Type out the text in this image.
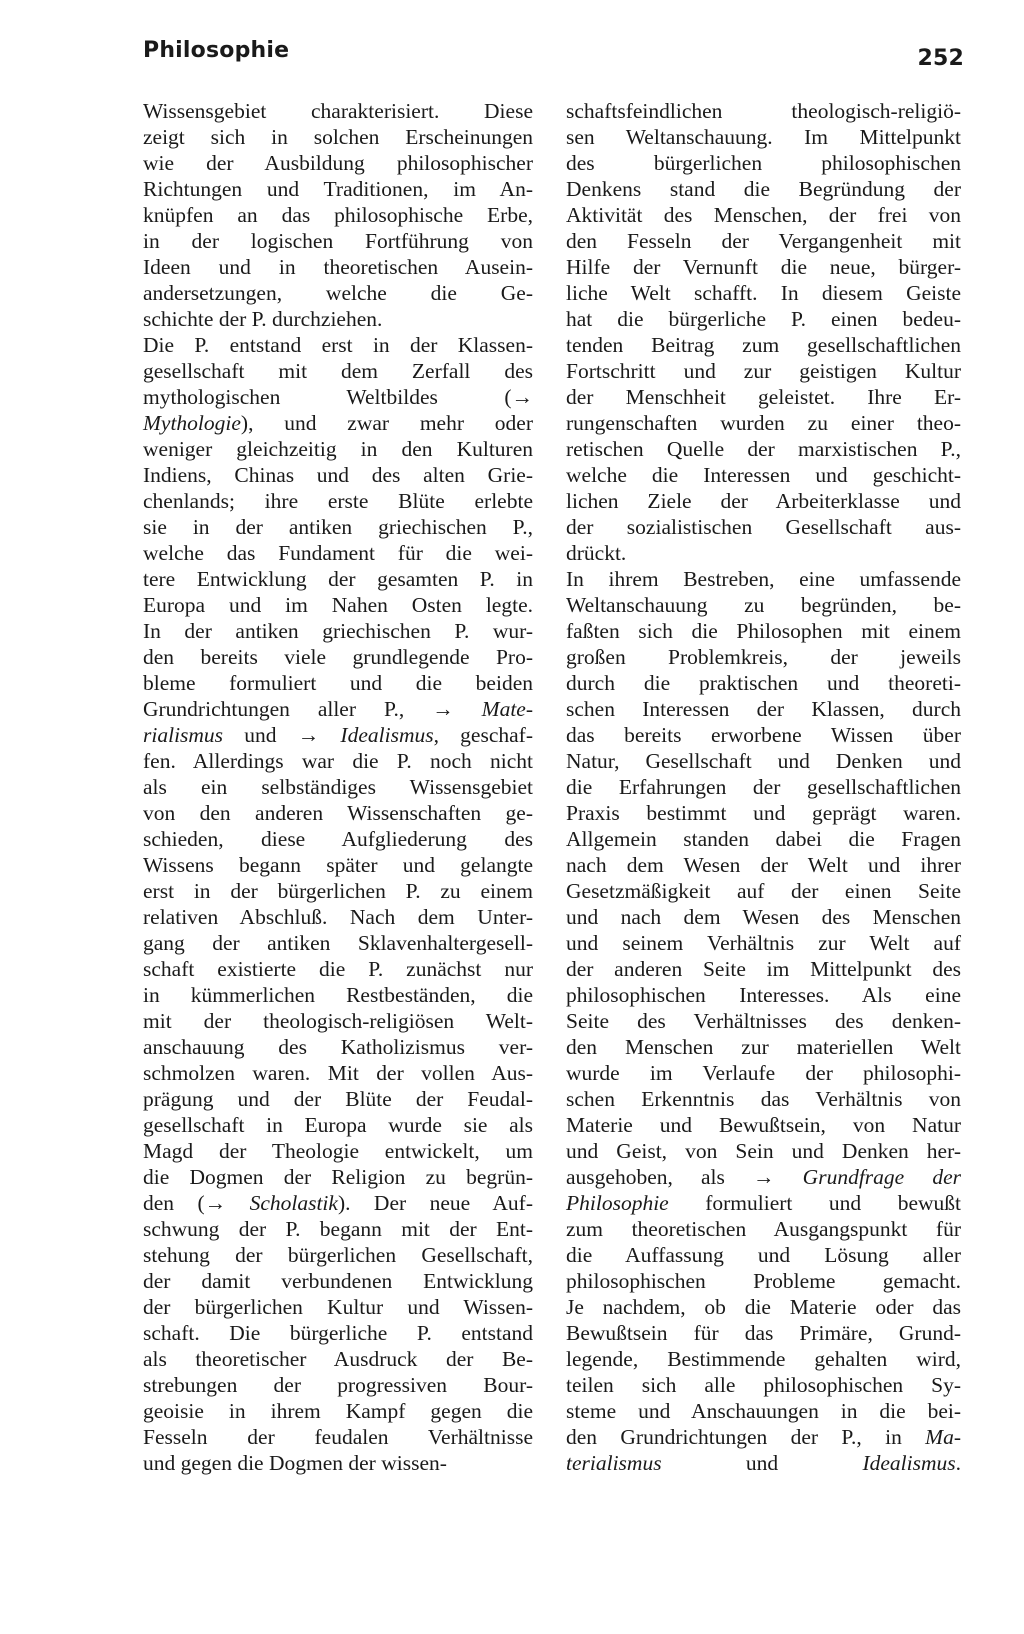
Philosophie	252
Wissensgebiet charakterisiert. Diese
zeigt sich in solchen Erscheinungen
wie der Ausbildung philosophischer
Richtungen und Traditionen, im An-
knüpfen an das philosophische Erbe,
in der logischen Fortführung von
Ideen und in theoretischen Ausein-
andersetzungen, welche die Ge-
schichte der P. durchziehen.
Die P. entstand erst in der Klassen-
gesellschaft mit dem Zerfall des
mythologischen Weltbildes (→
Mythologie), und zwar mehr oder
weniger gleichzeitig in den Kulturen
Indiens, Chinas und des alten Grie-
chenlands; ihre erste Blüte erlebte
sie in der antiken griechischen P.,
welche das Fundament für die wei-
tere Entwicklung der gesamten P. in
Europa und im Nahen Osten legte.
In der antiken griechischen P. wur-
den bereits viele grundlegende Pro-
bleme formuliert und die beiden
Grundrichtungen aller P., → Mate-
rialismus und → Idealismus, geschaf-
fen. Allerdings war die P. noch nicht
als ein selbständiges Wissensgebiet
von den anderen Wissenschaften ge-
schieden, diese Aufgliederung des
Wissens begann später und gelangte
erst in der bürgerlichen P. zu einem
relativen Abschluß. Nach dem Unter-
gang der antiken Sklavenhaltergesell-
schaft existierte die P. zunächst nur
in kümmerlichen Restbeständen, die
mit der theologisch-religiösen Welt-
anschauung des Katholizismus ver-
schmolzen waren. Mit der vollen Aus-
prägung und der Blüte der Feudal-
gesellschaft in Europa wurde sie als
Magd der Theologie entwickelt, um
die Dogmen der Religion zu begrün-
den (→ Scholastik). Der neue Auf-
schwung der P. begann mit der Ent-
stehung der bürgerlichen Gesellschaft,
der damit verbundenen Entwicklung
der bürgerlichen Kultur und Wissen-
schaft. Die bürgerliche P. entstand
als theoretischer Ausdruck der Be-
strebungen der progressiven Bour-
geoisie in ihrem Kampf gegen die
Fesseln der feudalen Verhältnisse
und gegen die Dogmen der wissen-
schaftsfeindlichen theologisch-religiö-
sen Weltanschauung. Im Mittelpunkt
des bürgerlichen philosophischen
Denkens stand die Begründung der
Aktivität des Menschen, der frei von
den Fesseln der Vergangenheit mit
Hilfe der Vernunft die neue, bürger-
liche Welt schafft. In diesem Geiste
hat die bürgerliche P. einen bedeu-
tenden Beitrag zum gesellschaftlichen
Fortschritt und zur geistigen Kultur
der Menschheit geleistet. Ihre Er-
rungenschaften wurden zu einer theo-
retischen Quelle der marxistischen P.,
welche die Interessen und geschicht-
lichen Ziele der Arbeiterklasse und
der sozialistischen Gesellschaft aus-
drückt.
In ihrem Bestreben, eine umfassende
Weltanschauung zu begründen, be-
faßten sich die Philosophen mit einem
großen Problemkreis, der jeweils
durch die praktischen und theoreti-
schen Interessen der Klassen, durch
das bereits erworbene Wissen über
Natur, Gesellschaft und Denken und
die Erfahrungen der gesellschaftlichen
Praxis bestimmt und geprägt waren.
Allgemein standen dabei die Fragen
nach dem Wesen der Welt und ihrer
Gesetzmäßigkeit auf der einen Seite
und nach dem Wesen des Menschen
und seinem Verhältnis zur Welt auf
der anderen Seite im Mittelpunkt des
philosophischen Interesses. Als eine
Seite des Verhältnisses des denken-
den Menschen zur materiellen Welt
wurde im Verlaufe der philosophi-
schen Erkenntnis das Verhältnis von
Materie und Bewußtsein, von Natur
und Geist, von Sein und Denken her-
ausgehoben, als → Grundfrage der
Philosophie formuliert und bewußt
zum theoretischen Ausgangspunkt für
die Auffassung und Lösung aller
philosophischen Probleme gemacht.
Je nachdem, ob die Materie oder das
Bewußtsein für das Primäre, Grund-
legende, Bestimmende gehalten wird,
teilen sich alle philosophischen Sy-
steme und Anschauungen in die bei-
den Grundrichtungen der P., in Ma-
terialismus und Idealismus.
